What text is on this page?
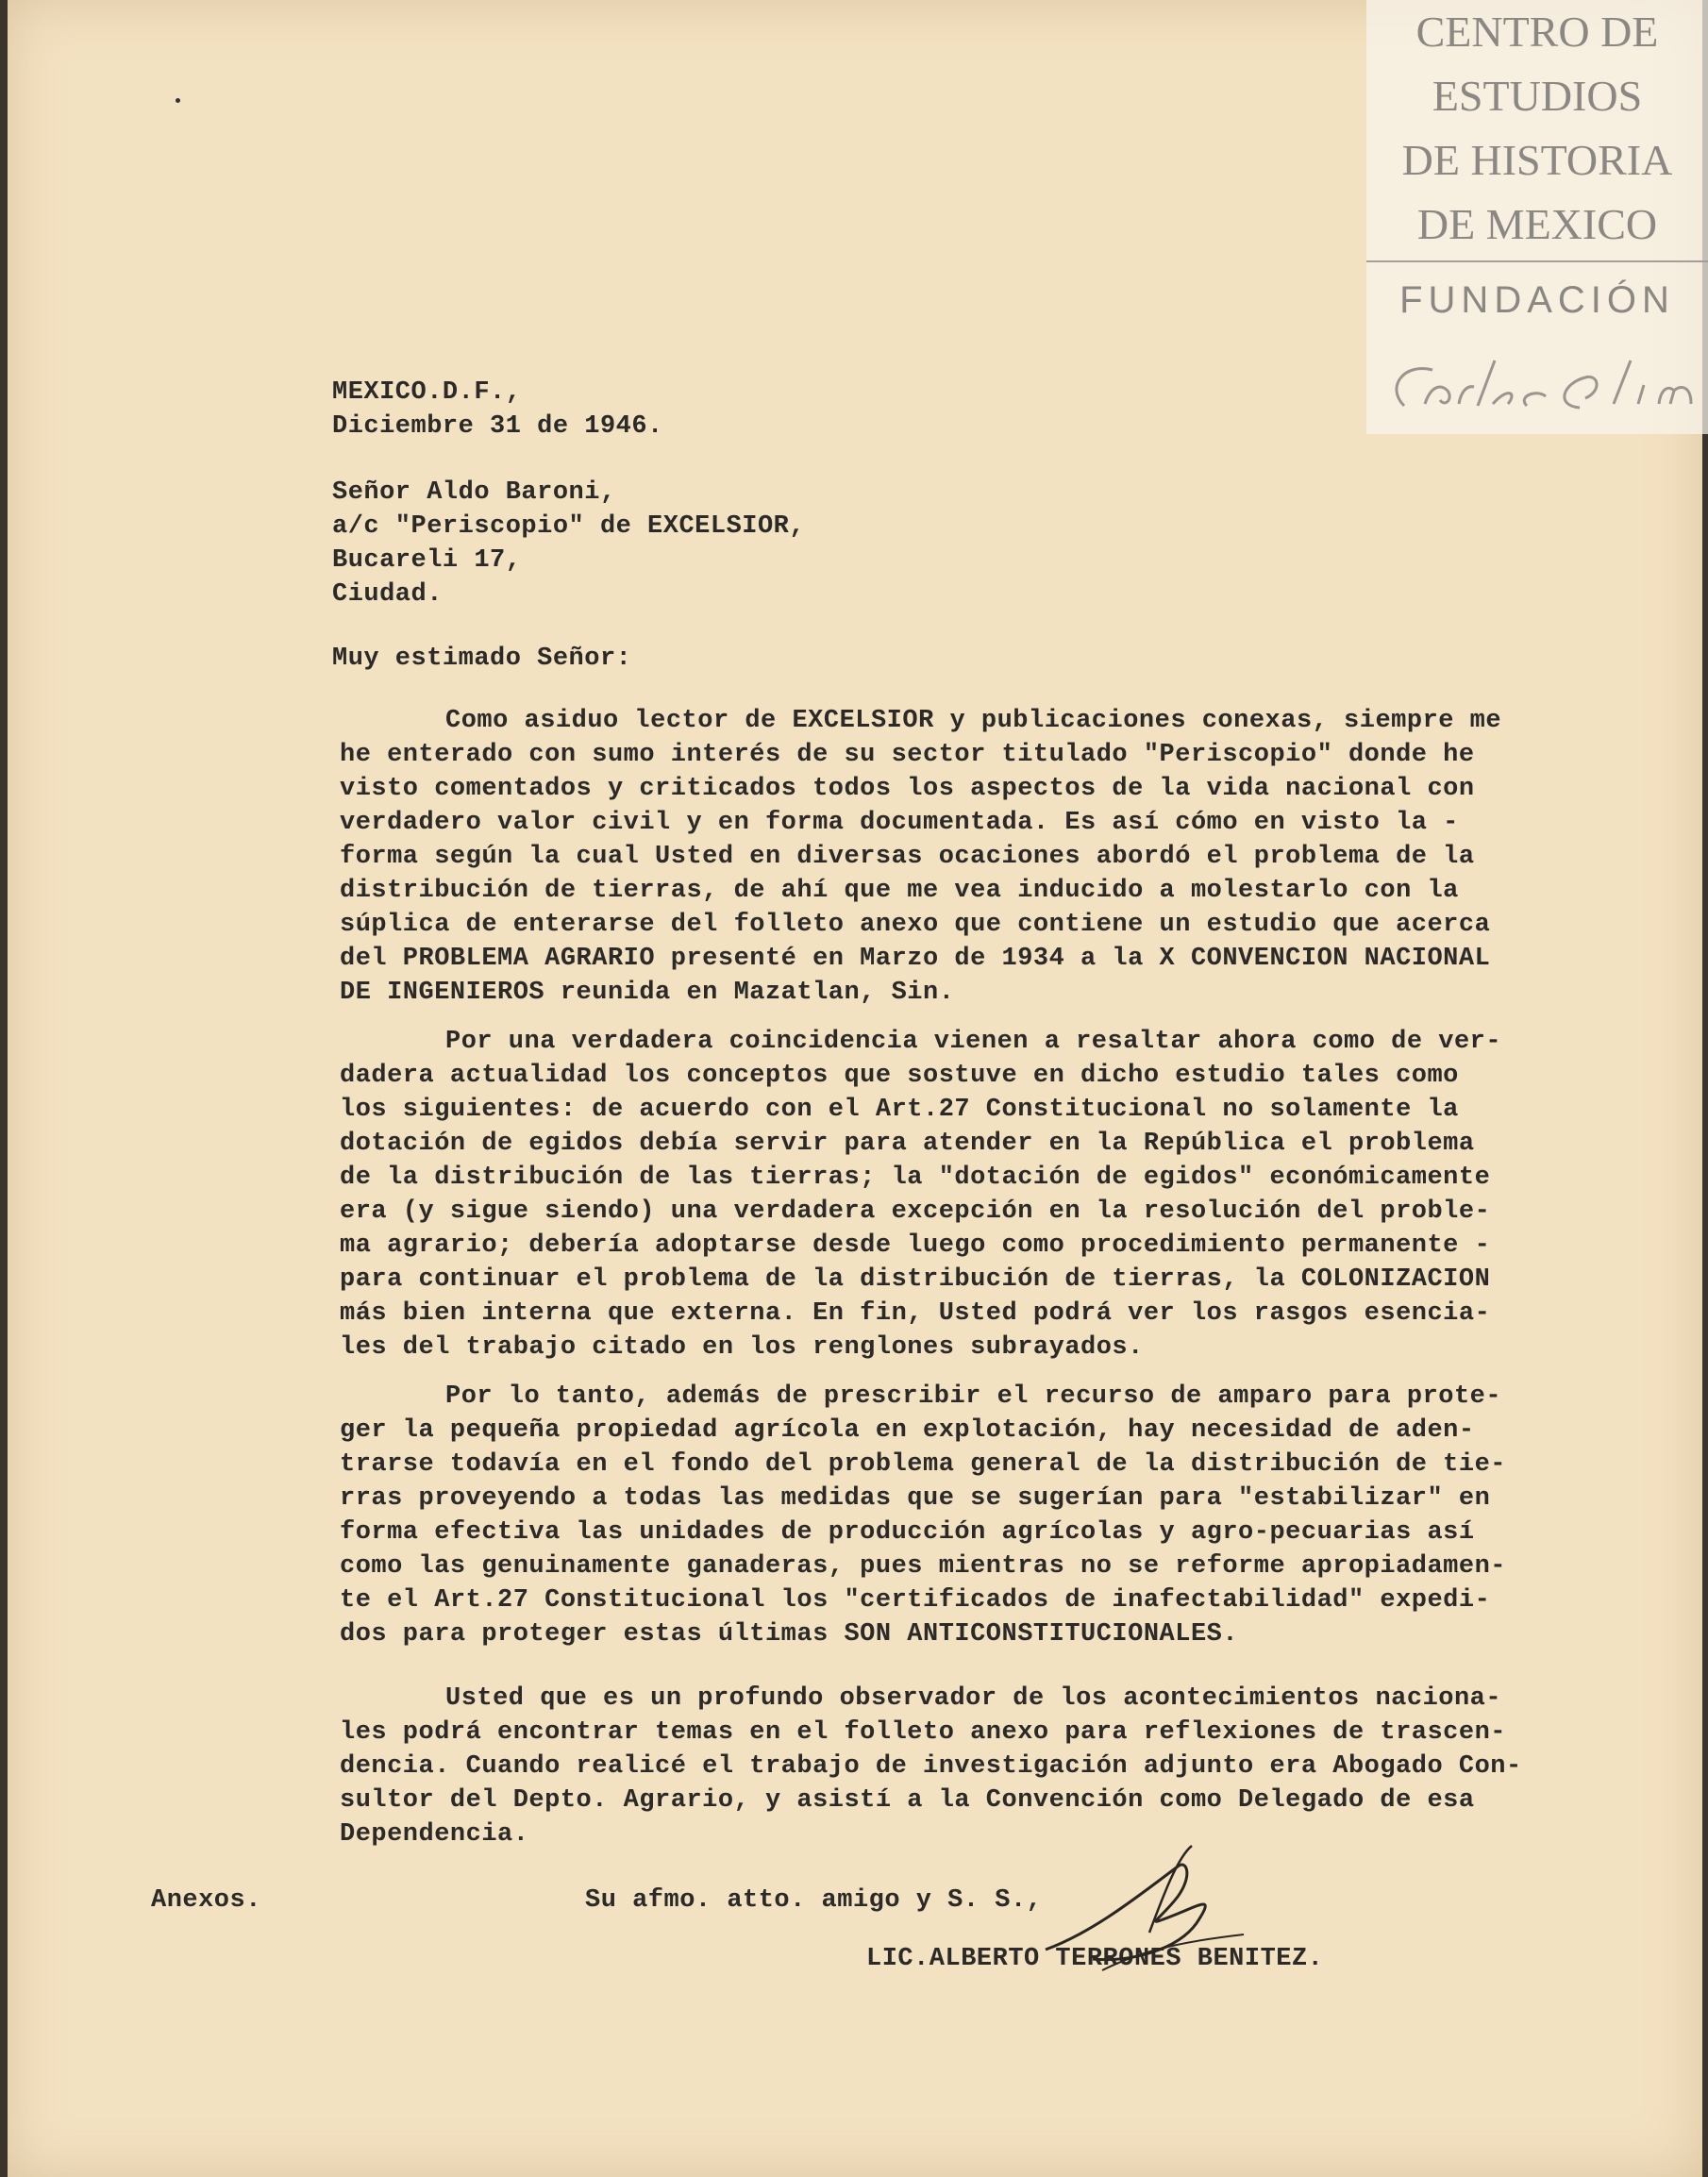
MEXICO.D.F.,
Diciembre 31 de 1946.
Señor Aldo Baroni,
a/c "Periscopio" de EXCELSIOR,
Bucareli 17,
Ciudad.
Muy estimado Señor:
Como asiduo lector de EXCELSIOR y publicaciones conexas, siempre me
he enterado con sumo interés de su sector titulado "Periscopio" donde he
visto comentados y criticados todos los aspectos de la vida nacional con
verdadero valor civil y en forma documentada. Es así cómo en visto la -
forma según la cual Usted en diversas ocaciones abordó el problema de la
distribución de tierras, de ahí que me vea inducido a molestarlo con la
súplica de enterarse del folleto anexo que contiene un estudio que acerca
del PROBLEMA AGRARIO presenté en Marzo de 1934 a la X CONVENCION NACIONAL
DE INGENIEROS reunida en Mazatlan, Sin.
Por una verdadera coincidencia vienen a resaltar ahora como de ver-
dadera actualidad los conceptos que sostuve en dicho estudio tales como
los siguientes: de acuerdo con el Art.27 Constitucional no solamente la
dotación de egidos debía servir para atender en la República el problema
de la distribución de las tierras; la "dotación de egidos" económicamente
era (y sigue siendo) una verdadera excepción en la resolución del proble-
ma agrario; debería adoptarse desde luego como procedimiento permanente -
para continuar el problema de la distribución de tierras, la COLONIZACION
más bien interna que externa. En fin, Usted podrá ver los rasgos esencia-
les del trabajo citado en los renglones subrayados.
Por lo tanto, además de prescribir el recurso de amparo para prote-
ger la pequeña propiedad agrícola en explotación, hay necesidad de aden-
trarse todavía en el fondo del problema general de la distribución de tie-
rras proveyendo a todas las medidas que se sugerían para "estabilizar" en
forma efectiva las unidades de producción agrícolas y agro-pecuarias así
como las genuinamente ganaderas, pues mientras no se reforme apropiadamen-
te el Art.27 Constitucional los "certificados de inafectabilidad" expedi-
dos para proteger estas últimas SON ANTICONSTITUCIONALES.
Usted que es un profundo observador de los acontecimientos naciona-
les podrá encontrar temas en el folleto anexo para reflexiones de trascen-
dencia. Cuando realicé el trabajo de investigación adjunto era Abogado Con-
sultor del Depto. Agrario, y asistí a la Convención como Delegado de esa
Dependencia.
Anexos.	Su afmo. atto. amigo y S. S.,
LIC.ALBERTO TERRONES BENITEZ.
CENTRO DE
ESTUDIOS
DE HISTORIA
DE MEXICO
FUNDACIÓN
